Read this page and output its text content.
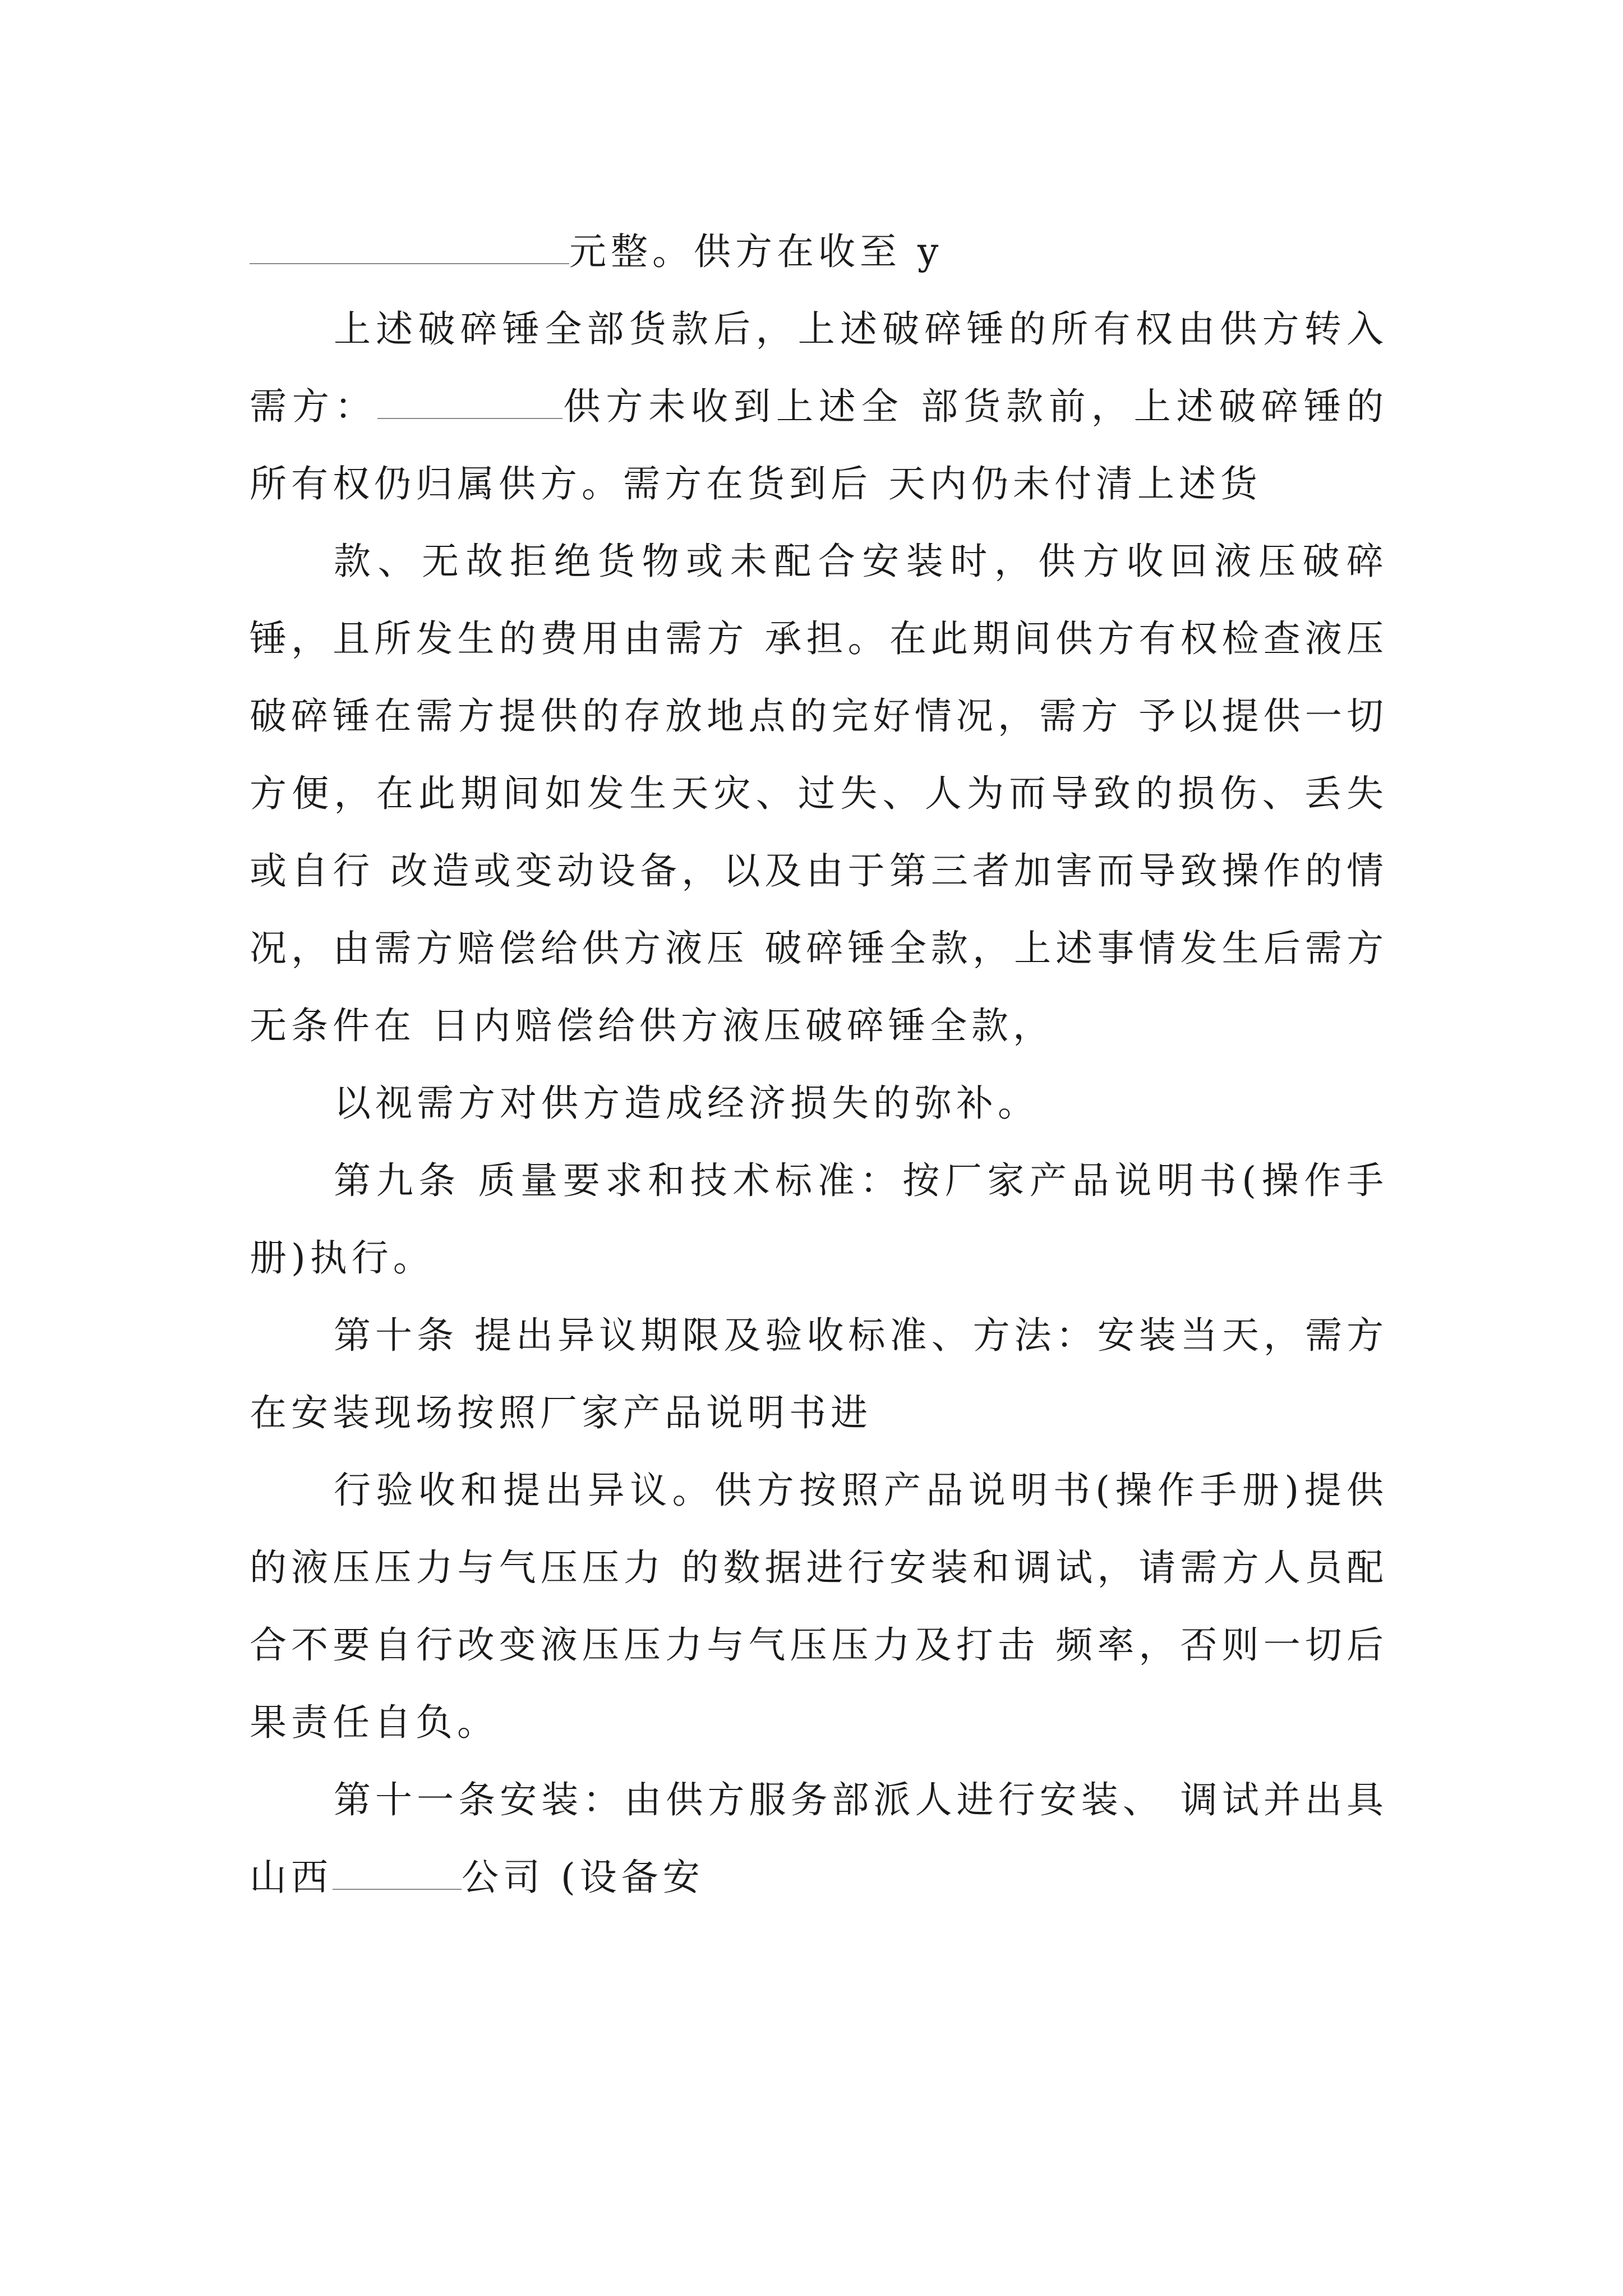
元整。供方在收至 y

上述破碎锤全部货款后，上述破碎锤的所有权由供方转入需方：	供方未收到上述全 部货款前，上述破碎锤的所有权仍归属供方。需方在货到后 天内仍未付清上述货

款、无故拒绝货物或未配合安装时，供方收回液压破碎锤，且所发生的费用由需方 承担。在此期间供方有权检查液压破碎锤在需方提供的存放地点的完好情况，需方 予以提供一切方便，在此期间如发生天灾、过失、人为而导致的损伤、丢失或自行 改造或变动设备，以及由于第三者加害而导致操作的情况，由需方赔偿给供方液压 破碎锤全款，上述事情发生后需方无条件在 日内赔偿给供方液压破碎锤全款，

以视需方对供方造成经济损失的弥补。

第九条 质量要求和技术标准：按厂家产品说明书(操作手册)执行。

第十条 提出异议期限及验收标准、方法：安装当天，需方在安装现场按照厂家产品说明书进

行验收和提出异议。供方按照产品说明书(操作手册)提供的液压压力与气压压力 的数据进行安装和调试，请需方人员配合不要自行改变液压压力与气压压力及打击 频率，否则一切后果责任自负。

第十一条安装：由供方服务部派人进行安装、 调试并出具山西	公司 (设备安
